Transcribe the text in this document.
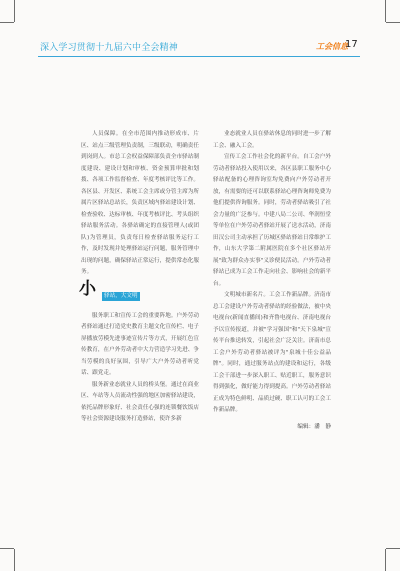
深入学习贯彻十九届六中全会精神	工会信息
17

人员保障。在全市范围内推动形成市、片区、站点三级管理负责制，三级联动，明确责任到岗到人。市总工会权益保障部负责全市驿站制度建设、建设计划和审核、资金预算审批和划拨、各项工作监督检查、年度考核评比等工作。各区县、开发区、系统工会主席或分管主席为所属片区驿站总站长，负责区域内驿站建设计划、检查验收、达标审核、年度考核评比、考头组织驿站服务活动。各驿站确定的直接管理人(或团队)为管理员，负责每日检查驿站服务运行工作，及时发现并处理驿站运行问题，服务管理中出现的问题，确保驿站正常运行，提供常态化服务。

小	驿站，大文明

服务职工和宣传工会的重要阵地。户外劳动者驿站通过打造党史教育主题文化宣传栏、电子屏播放劳模先进事迹宣传片等方式，开展红色宣传教育，在户外劳动者中大力营造学习先进、争当劳模的良好氛围，引导广大户外劳动者听党话、跟党走。

服务新业态就业人员的桥头堡。通过在商业区、车站等人员流动性强的地区加密驿站建设，依托品牌形象好、社会责任心强的连锁餐饮饭店等社会资源建设服务打造驿站，使许多新

业态就业人员在驿站休息的同时进一步了解工会、融入工会。

宣传工会工作社会化的新平台。自工会户外劳动者驿站投入使用以来，各区县职工服务中心驿站配备的心理咨询室均免费向户外劳动者开放，有需要的还可以联系驿站心理咨询师免费为他们提供咨询服务。同时，劳动者驿站吸引了社会力量的广泛参与。中建八局二公司、华润恒堂等单位在户外劳动者驿站开展了送水活动，济南田汉公司主动承担了历城区驿站驿站日常维护工作，山东大学第二附属医院在多个社区驿站开展"致为群众办实事"义诊便民活动。户外劳动者驿站已成为工会工作走向社会、影响社会的新平台。

文明城市新名片。工会工作新品牌。济南市总工会建设户外劳动者驿站的经验做法，被中央电视台(新闻直播间)和齐鲁电视台、济南电视台予以宣传报道，并被"学习强国"和"天下泉城"宣传平台推送转发，引起社会广泛关注。济南市总工会户外劳动者驿站被评为"泉城十佳公益品牌"。同时，通过服务站点的建设和运行，各级工会干部进一步深入职工、贴近职工，服务意识得到强化，做好能力得到提高。户外劳动者驿站正成为特色鲜明、品质过硬、职工认可的工会工作新品牌。

编辑：潘　静
